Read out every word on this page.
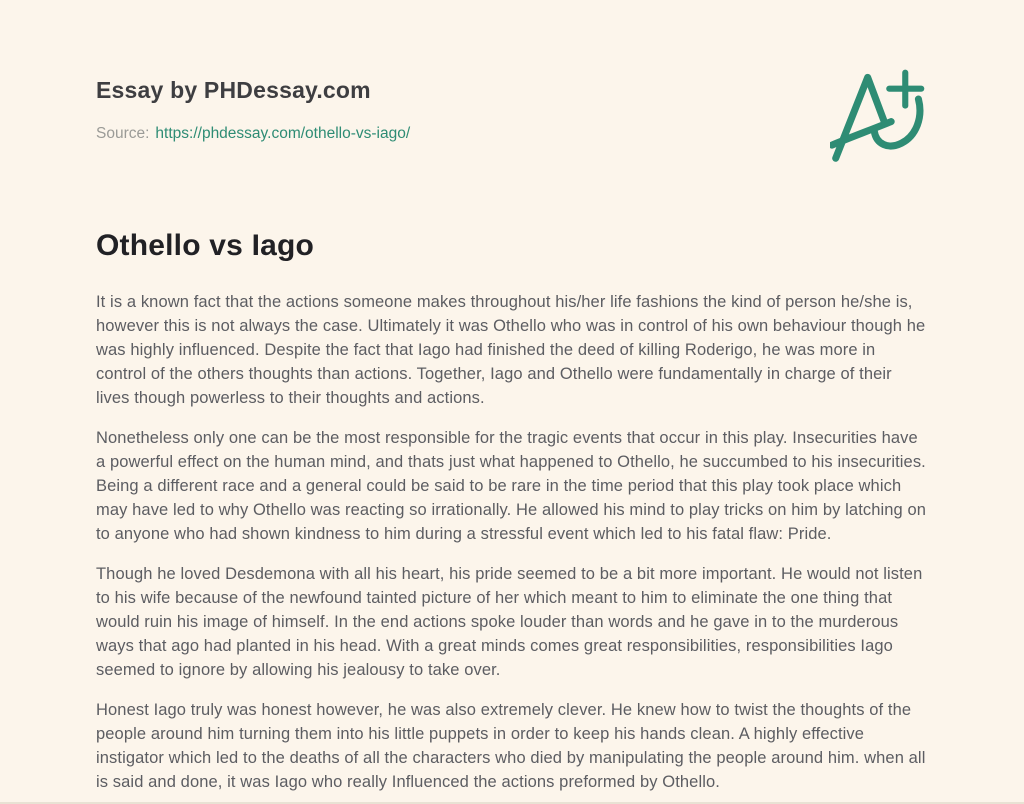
Essay by PHDessay.com
Source: https://phdessay.com/othello-vs-iago/
Othello vs Iago

It is a known fact that the actions someone makes throughout his/her life fashions the kind of person he/she is, however this is not always the case. Ultimately it was Othello who was in control of his own behaviour though he was highly influenced. Despite the fact that Iago had finished the deed of killing Roderigo, he was more in control of the others thoughts than actions. Together, Iago and Othello were fundamentally in charge of their lives though powerless to their thoughts and actions.

Nonetheless only one can be the most responsible for the tragic events that occur in this play. Insecurities have a powerful effect on the human mind, and thats just what happened to Othello, he succumbed to his insecurities. Being a different race and a general could be said to be rare in the time period that this play took place which may have led to why Othello was reacting so irrationally. He allowed his mind to play tricks on him by latching on to anyone who had shown kindness to him during a stressful event which led to his fatal flaw: Pride.

Though he loved Desdemona with all his heart, his pride seemed to be a bit more important. He would not listen to his wife because of the newfound tainted picture of her which meant to him to eliminate the one thing that would ruin his image of himself. In the end actions spoke louder than words and he gave in to the murderous ways that ago had planted in his head. With a great minds comes great responsibilities, responsibilities Iago seemed to ignore by allowing his jealousy to take over.

Honest Iago truly was honest however, he was also extremely clever. He knew how to twist the thoughts of the people around him turning them into his little puppets in order to keep his hands clean. A highly effective instigator which led to the deaths of all the characters who died by manipulating the people around him. when all is said and done, it was Iago who really Influenced the actions preformed by Othello.
